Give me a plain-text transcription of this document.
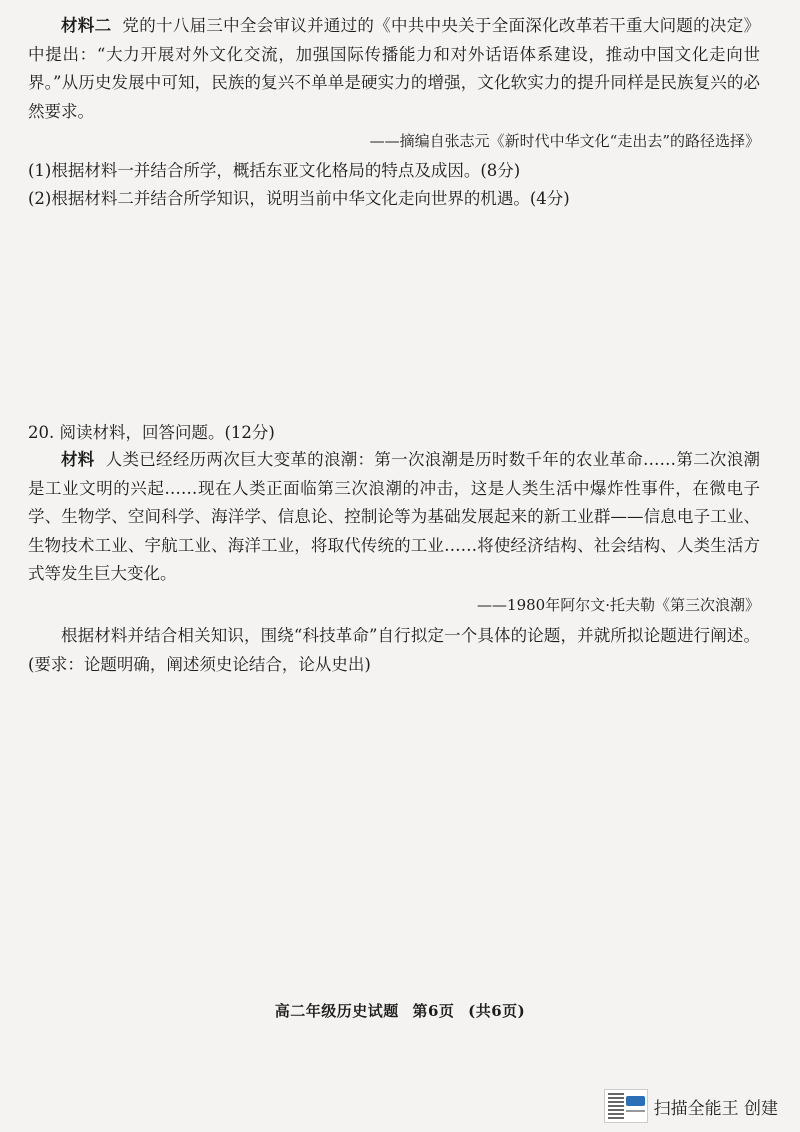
材料二 党的十八届三中全会审议并通过的《中共中央关于全面深化改革若干重大问题的决定》中提出：“大力开展对外文化交流，加强国际传播能力和对外话语体系建设，推动中国文化走向世界。”从历史发展中可知，民族的复兴不单单是硬实力的增强，文化软实力的提升同样是民族复兴的必然要求。
——摘编自张志元《新时代中华文化“走出去”的路径选择》
(1)根据材料一并结合所学，概括东亚文化格局的特点及成因。(8分)
(2)根据材料二并结合所学知识，说明当前中华文化走向世界的机遇。(4分)
20. 阅读材料，回答问题。(12分)
材料 人类已经经历两次巨大变革的浪潮：第一次浪潮是历时数千年的农业革命……第二次浪潮是工业文明的兴起……现在人类正面临第三次浪潮的冲击，这是人类生活中爆炸性事件，在微电子学、生物学、空间科学、海洋学、信息论、控制论等为基础发展起来的新工业群——信息电子工业、生物技术工业、宇航工业、海洋工业，将取代传统的工业……将使经济结构、社会结构、人类生活方式等发生巨大变化。
——1980年阿尔文·托夫勒《第三次浪潮》
根据材料并结合相关知识，围绕“科技革命”自行拟定一个具体的论题，并就所拟论题进行阐述。(要求：论题明确，阐述须史论结合，论从史出)
高二年级历史试题 第6页 (共6页)
扫描全能王 创建
